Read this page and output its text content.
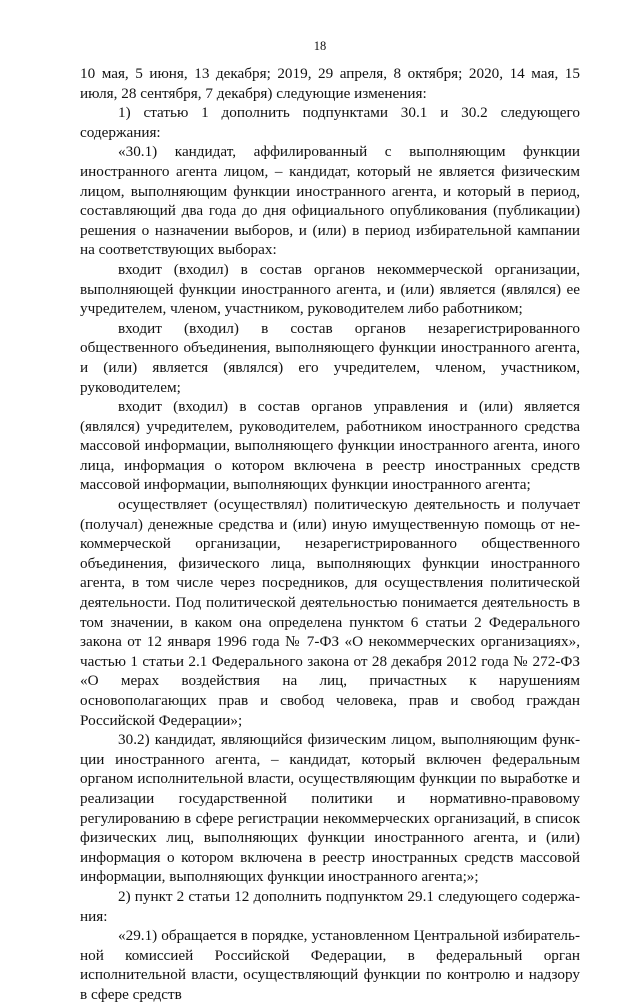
18

10 мая, 5 июня, 13 декабря; 2019, 29 апреля, 8 октября; 2020, 14 мая, 15 июля, 28 сентября, 7 декабря) следующие изменения:

1) статью 1 дополнить подпунктами 30.1 и 30.2 следующего содержания:

«30.1) кандидат, аффилированный с выполняющим функции иностранного агента лицом, – кандидат, который не является физическим лицом, выполняющим функции иностранного агента, и который в период, составляющий два года до дня официального опубликования (публикации) решения о назначении выборов, и (или) в период избирательной кампании на соответствующих выборах:

входит (входил) в состав органов некоммерческой организации, выполняющей функции иностранного агента, и (или) является (являлся) ее учредителем, членом, участником, руководителем либо работником;

входит (входил) в состав органов незарегистрированного общественного объединения, выполняющего функции иностранного агента, и (или) является (являлся) его учредителем, членом, участником, руководителем;

входит (входил) в состав органов управления и (или) является (являлся) учредителем, руководителем, работником иностранного средства массовой информации, выполняющего функции иностранного агента, иного лица, информация о котором включена в реестр иностранных средств массовой информации, выполняющих функции иностранного агента;

осуществляет (осуществлял) политическую деятельность и получает (получал) денежные средства и (или) иную имущественную помощь от некоммерческой организации, незарегистрированного общественного объединения, физического лица, выполняющих функции иностранного агента, в том числе через посредников, для осуществления политической деятельности. Под политической деятельностью понимается деятельность в том значении, в каком она определена пунктом 6 статьи 2 Федерального закона от 12 января 1996 года № 7-ФЗ «О некоммерческих организациях», частью 1 статьи 2.1 Федерального закона от 28 декабря 2012 года № 272-ФЗ «О мерах воздействия на лиц, причастных к нарушениям основополагающих прав и свобод человека, прав и свобод граждан Российской Федерации»;

30.2) кандидат, являющийся физическим лицом, выполняющим функции иностранного агента, – кандидат, который включен федеральным органом исполнительной власти, осуществляющим функции по выработке и реализации государственной политики и нормативно-правовому регулированию в сфере регистрации некоммерческих организаций, в список физических лиц, выполняющих функции иностранного агента, и (или) информация о котором включена в реестр иностранных средств массовой информации, выполняющих функции иностранного агента;»;

2) пункт 2 статьи 12 дополнить подпунктом 29.1 следующего содержания:

«29.1) обращается в порядке, установленном Центральной избирательной комиссией Российской Федерации, в федеральный орган исполнительной власти, осуществляющий функции по контролю и надзору в сфере средств
